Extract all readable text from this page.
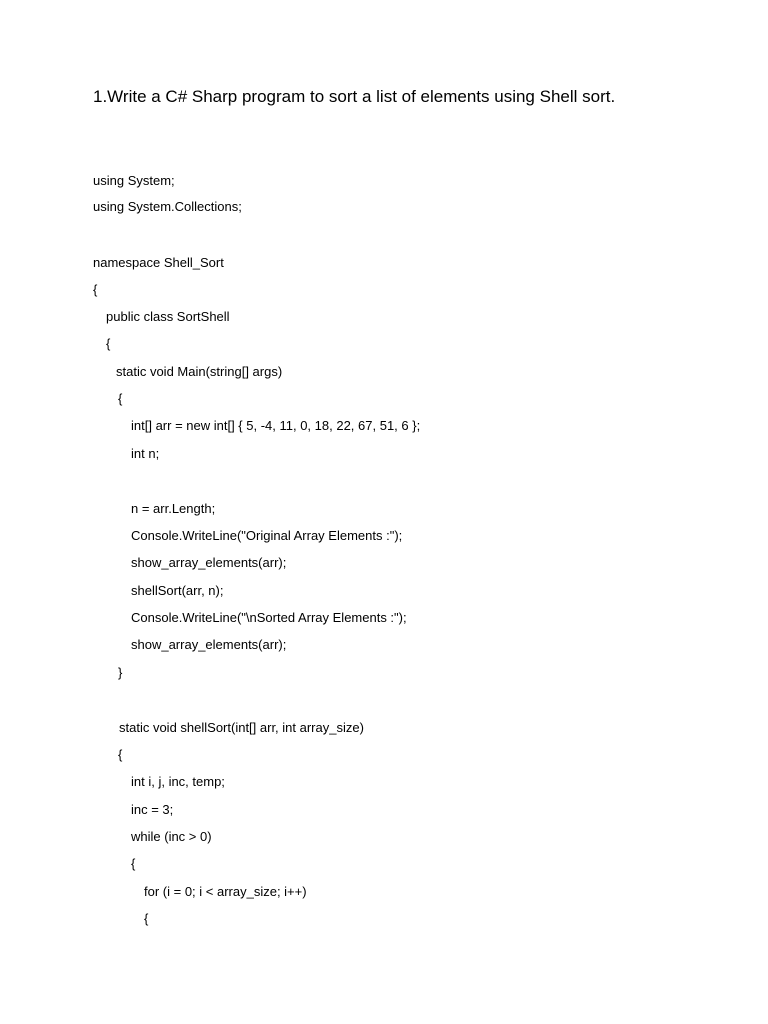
1.Write a C# Sharp program to sort a list of elements using Shell sort.
using System;
using System.Collections;
namespace Shell_Sort
{
public class SortShell
{
static void Main(string[] args)
{
int[] arr = new int[] { 5, -4, 11, 0, 18, 22, 67, 51, 6 };
int n;
n = arr.Length;
Console.WriteLine("Original Array Elements :");
show_array_elements(arr);
shellSort(arr, n);
Console.WriteLine("\nSorted Array Elements :");
show_array_elements(arr);
}
static void shellSort(int[] arr, int array_size)
{
int i, j, inc, temp;
inc = 3;
while (inc > 0)
{
for (i = 0; i < array_size; i++)
{
